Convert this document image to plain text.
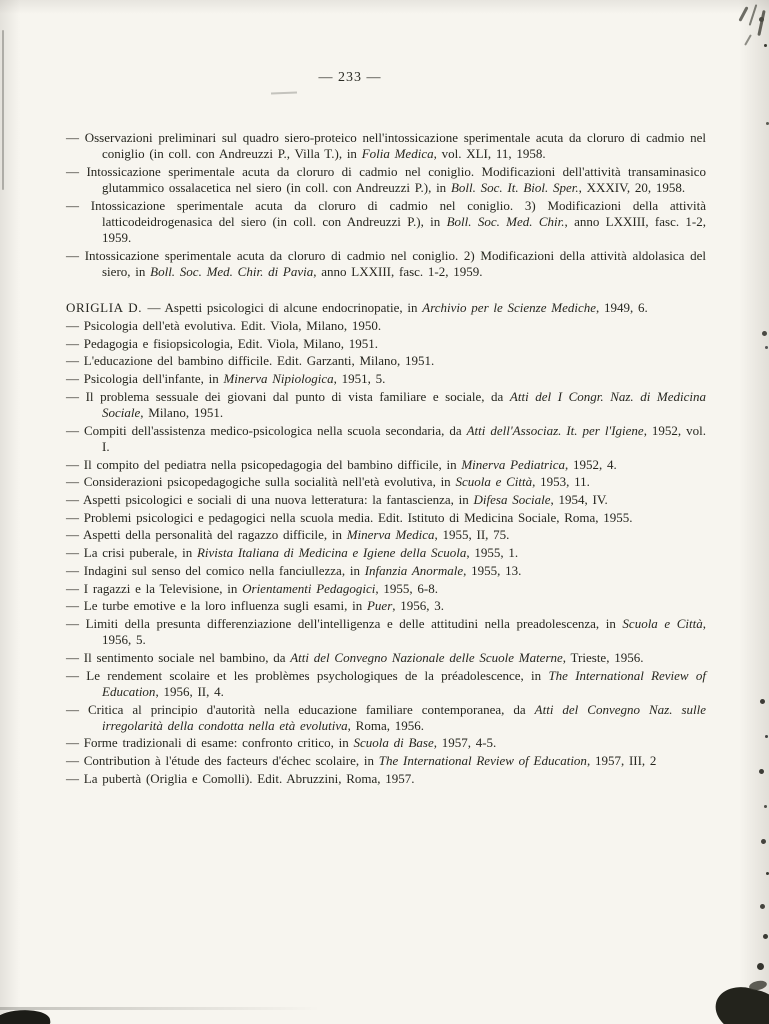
— 233 —
— Osservazioni preliminari sul quadro siero-proteico nell'intossicazione sperimentale acuta da cloruro di cadmio nel coniglio (in coll. con Andreuzzi P., Villa T.), in Folia Medica, vol. XLI, 11, 1958.
— Intossicazione sperimentale acuta da cloruro di cadmio nel coniglio. Modificazioni dell'attività transaminasico glutammico ossalacetica nel siero (in coll. con Andreuzzi P.), in Boll. Soc. It. Biol. Sper., XXXIV, 20, 1958.
— Intossicazione sperimentale acuta da cloruro di cadmio nel coniglio. 3) Modificazioni della attività latticodeidrogenasica del siero (in coll. con Andreuzzi P.), in Boll. Soc. Med. Chir., anno LXXIII, fasc. 1-2, 1959.
— Intossicazione sperimentale acuta da cloruro di cadmio nel coniglio. 2) Modificazioni della attività aldolasica del siero, in Boll. Soc. Med. Chir. di Pavia, anno LXXIII, fasc. 1-2, 1959.
ORIGLIA D. — Aspetti psicologici di alcune endocrinopatie, in Archivio per le Scienze Mediche, 1949, 6.
— Psicologia dell'età evolutiva. Edit. Viola, Milano, 1950.
— Pedagogia e fisiopsicologia, Edit. Viola, Milano, 1951.
— L'educazione del bambino difficile. Edit. Garzanti, Milano, 1951.
— Psicologia dell'infante, in Minerva Nipiologica, 1951, 5.
— Il problema sessuale dei giovani dal punto di vista familiare e sociale, da Atti del I Congr. Naz. di Medicina Sociale, Milano, 1951.
— Compiti dell'assistenza medico-psicologica nella scuola secondaria, da Atti dell'Associaz. It. per l'Igiene, 1952, vol. I.
— Il compito del pediatra nella psicopedagogia del bambino difficile, in Minerva Pediatrica, 1952, 4.
— Considerazioni psicopedagogiche sulla socialità nell'età evolutiva, in Scuola e Città, 1953, 11.
— Aspetti psicologici e sociali di una nuova letteratura: la fantascienza, in Difesa Sociale, 1954, IV.
— Problemi psicologici e pedagogici nella scuola media. Edit. Istituto di Medicina Sociale, Roma, 1955.
— Aspetti della personalità del ragazzo difficile, in Minerva Medica, 1955, II, 75.
— La crisi puberale, in Rivista Italiana di Medicina e Igiene della Scuola, 1955, 1.
— Indagini sul senso del comico nella fanciullezza, in Infanzia Anormale, 1955, 13.
— I ragazzi e la Televisione, in Orientamenti Pedagogici, 1955, 6-8.
— Le turbe emotive e la loro influenza sugli esami, in Puer, 1956, 3.
— Limiti della presunta differenziazione dell'intelligenza e delle attitudini nella preadolescenza, in Scuola e Città, 1956, 5.
— Il sentimento sociale nel bambino, da Atti del Convegno Nazionale delle Scuole Materne, Trieste, 1956.
— Le rendement scolaire et les problèmes psychologiques de la préadolescence, in The International Review of Education, 1956, II, 4.
— Critica al principio d'autorità nella educazione familiare contemporanea, da Atti del Convegno Naz. sulle irregolarità della condotta nella età evolutiva, Roma, 1956.
— Forme tradizionali di esame: confronto critico, in Scuola di Base, 1957, 4-5.
— Contribution à l'étude des facteurs d'échec scolaire, in The International Review of Education, 1957, III, 2
— La pubertà (Origlia e Comolli). Edit. Abruzzini, Roma, 1957.
